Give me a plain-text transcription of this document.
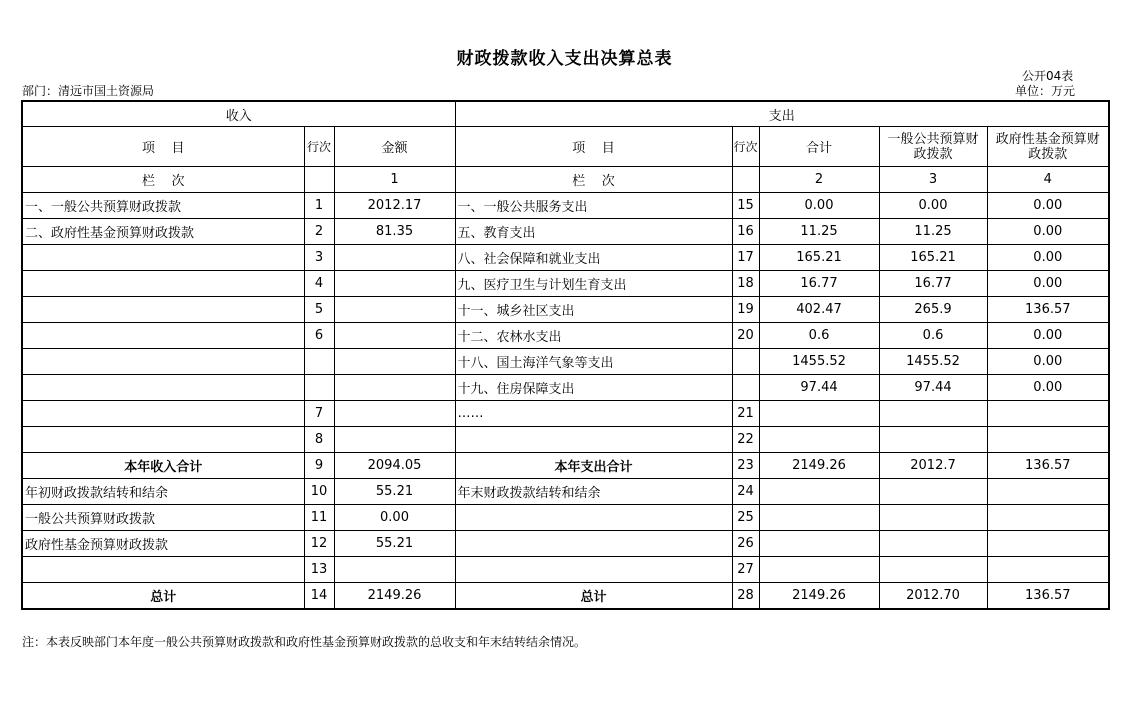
财政拨款收入支出决算总表
部门：清远市国土资源局
公开04表
单位：万元
收入			支出				
项    目	行次	金额	项    目	行次	合计	一般公共预算财政拨款	政府性基金预算财政拨款
栏    次		1	栏    次		2	3	4
一、一般公共预算财政拨款	1	2012.17	一、一般公共服务支出	15	0.00	0.00	0.00
二、政府性基金预算财政拨款	2	81.35	五、教育支出	16	11.25	11.25	0.00
	3		八、社会保障和就业支出	17	165.21	165.21	0.00
	4		九、医疗卫生与计划生育支出	18	16.77	16.77	0.00
	5		十一、城乡社区支出	19	402.47	265.9	136.57
	6		十二、农林水支出	20	0.6	0.6	0.00
			十八、国土海洋气象等支出		1455.52	1455.52	0.00
			十九、住房保障支出		97.44	97.44	0.00
	7		……	21			
	8			22			
本年收入合计	9	2094.05	本年支出合计	23	2149.26	2012.7	136.57
年初财政拨款结转和结余	10	55.21	年末财政拨款结转和结余	24			
一般公共预算财政拨款	11	0.00		25			
政府性基金预算财政拨款	12	55.21		26			
	13			27			
总计	14	2149.26	总计	28	2149.26	2012.70	136.57
注：本表反映部门本年度一般公共预算财政拨款和政府性基金预算财政拨款的总收支和年末结转结余情况。
